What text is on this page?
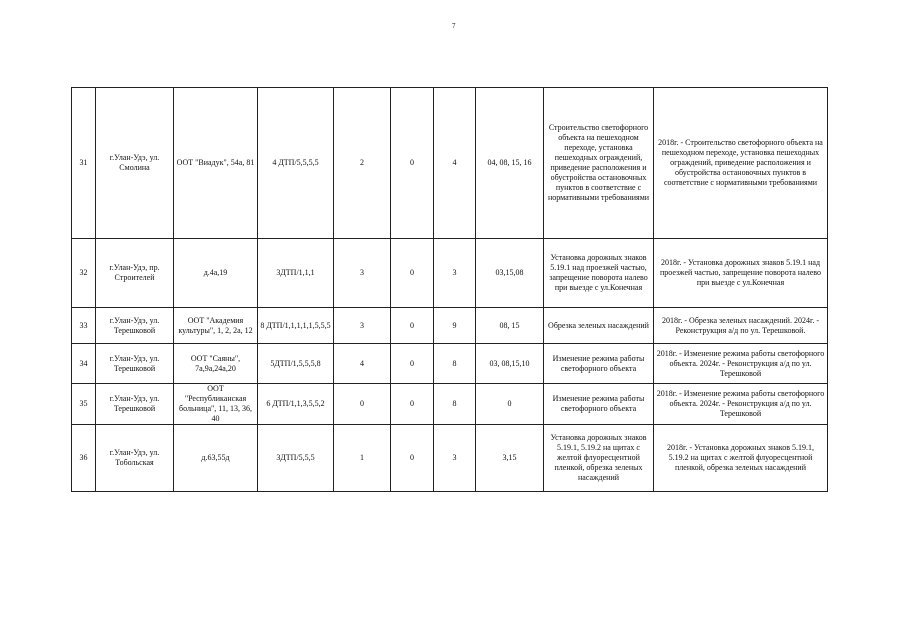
7
31	г.Улан-Удэ, ул. Смолина	ООТ "Виадук", 54а, 81	4 ДТП/5,5,5,5	2	0	4	04, 08, 15, 16	Строительство светофорного объекта на пешеходном переходе, установка пешеходных ограждений, приведение расположения и обустройства остановочных пунктов в соответствие с нормативными требованиями	2018г. - Строительство светофорного объекта на пешеходном переходе, установка пешеходных ограждений, приведение расположения и обустройства остановочных пунктов в соответствие с нормативными требованиями
32	г.Улан-Удэ, пр. Строителей	д.4а,19	3ДТП/1,1,1	3	0	3	03,15,08	Установка дорожных знаков 5.19.1 над проезжей частью, запрещение поворота налево при выезде с ул.Конечная	2018г. - Установка дорожных знаков 5.19.1 над проезжей частью, запрещение поворота налево при выезде с ул.Конечная
33	г.Улан-Удэ, ул. Терешковой	ООТ "Академия культуры", 1, 2, 2а, 12	8 ДТП/1,1,1,1,1,5,5,5	3	0	9	08, 15	Обрезка зеленых насаждений	2018г. - Обрезка зеленых насаждений. 2024г. - Реконструкция а/д по ул. Терешковой.
34	г.Улан-Удэ, ул. Терешковой	ООТ "Саяны", 7а,9а,24а,20	5ДТП/1,5,5,5,8	4	0	8	03, 08,15,10	Изменение режима работы светофорного объекта	2018г. - Изменение режима работы светофорного объекта. 2024г. - Реконструкция а/д по ул. Терешковой
35	г.Улан-Удэ, ул. Терешковой	ООТ "Республиканская больница", 11, 13, 36, 40	6 ДТП/1,1,3,5,5,2	0	0	8	0	Изменение режима работы светофорного объекта	2018г. - Изменение режима работы светофорного объекта. 2024г. - Реконструкция а/д по ул. Терешковой
36	г.Улан-Удэ, ул. Тобольская	д.63,55д	3ДТП/5,5,5	1	0	3	3,15	Установка дорожных знаков 5.19.1, 5.19.2 на щитах с желтой флуоресцентной пленкой, обрезка зеленых насаждений	2018г. - Установка дорожных знаков 5.19.1, 5.19.2 на щитах с желтой флуоресцентной пленкой, обрезка зеленых насаждений
